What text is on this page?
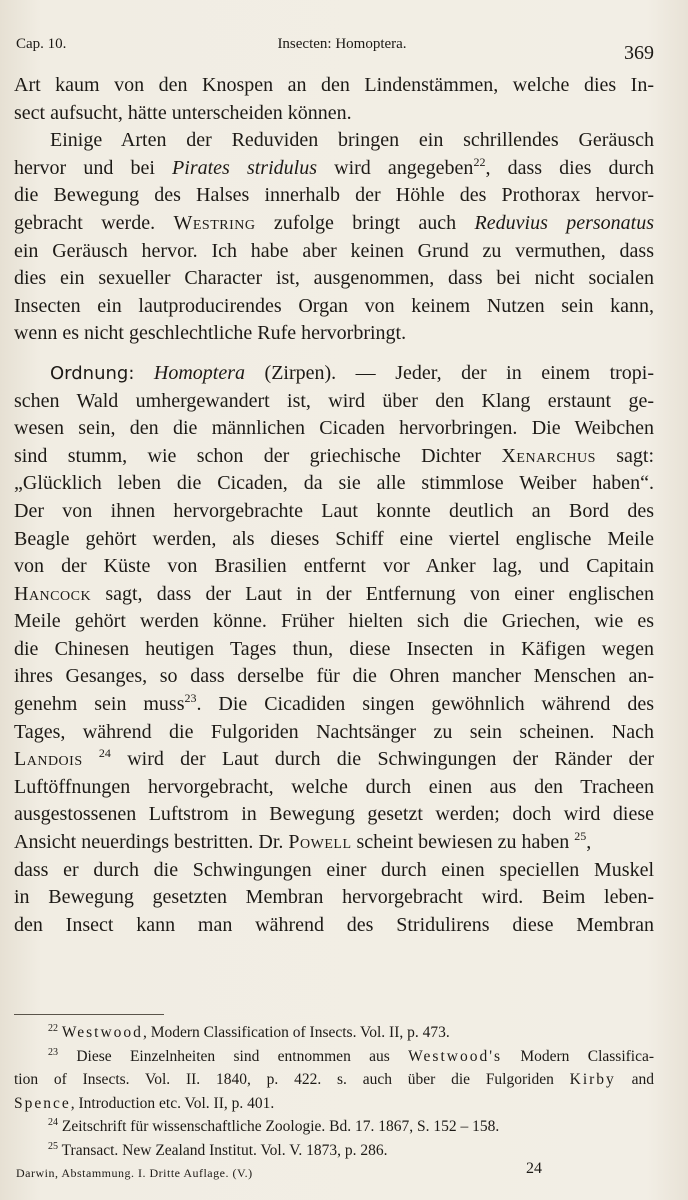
Cap. 10.	Insecten: Homoptera.	369
Art kaum von den Knospen an den Lindenstämmen, welche dies In-
sect aufsucht, hätte unterscheiden können.
Einige Arten der Reduviden bringen ein schrillendes Geräusch
hervor und bei Pirates stridulus wird angegeben$^{22}$, dass dies durch
die Bewegung des Halses innerhalb der Höhle des Prothorax hervor-
gebracht werde. Westring zufolge bringt auch Reduvius personatus
ein Geräusch hervor. Ich habe aber keinen Grund zu vermuthen, dass
dies ein sexueller Character ist, ausgenommen, dass bei nicht socialen
Insecten ein lautproducirendes Organ von keinem Nutzen sein kann,
wenn es nicht geschlechtliche Rufe hervorbringt.
Ordnung: Homoptera (Zirpen). — Jeder, der in einem tropi-
schen Wald umhergewandert ist, wird über den Klang erstaunt ge-
wesen sein, den die männlichen Cicaden hervorbringen. Die Weibchen
sind stumm, wie schon der griechische Dichter Xenarchus sagt:
„Glücklich leben die Cicaden, da sie alle stimmlose Weiber haben“.
Der von ihnen hervorgebrachte Laut konnte deutlich an Bord des
Beagle gehört werden, als dieses Schiff eine viertel englische Meile
von der Küste von Brasilien entfernt vor Anker lag, und Capitain
Hancock sagt, dass der Laut in der Entfernung von einer englischen
Meile gehört werden könne. Früher hielten sich die Griechen, wie es
die Chinesen heutigen Tages thun, diese Insecten in Käfigen wegen
ihres Gesanges, so dass derselbe für die Ohren mancher Menschen an-
genehm sein muss$^{23}$. Die Cicadiden singen gewöhnlich während des
Tages, während die Fulgoriden Nachtsänger zu sein scheinen. Nach
Landois $^{24}$ wird der Laut durch die Schwingungen der Ränder der
Luftöffnungen hervorgebracht, welche durch einen aus den Tracheen
ausgestossenen Luftstrom in Bewegung gesetzt werden; doch wird diese
Ansicht neuerdings bestritten. Dr. Powell scheint bewiesen zu haben $^{25}$,
dass er durch die Schwingungen einer durch einen speciellen Muskel
in Bewegung gesetzten Membran hervorgebracht wird. Beim leben-
den Insect kann man während des Stridulirens diese Membran
$^{22}$ Westwood, Modern Classification of Insects. Vol. II, p. 473.
$^{23}$ Diese Einzelnheiten sind entnommen aus Westwood's Modern Classifica-
tion of Insects. Vol. II. 1840, p. 422. s. auch über die Fulgoriden Kirby and
Spence, Introduction etc. Vol. II, p. 401.
$^{24}$ Zeitschrift für wissenschaftliche Zoologie. Bd. 17. 1867, S. 152 – 158.
$^{25}$ Transact. New Zealand Institut. Vol. V. 1873, p. 286.
Darwin, Abstammung. I. Dritte Auflage. (V.)	24
